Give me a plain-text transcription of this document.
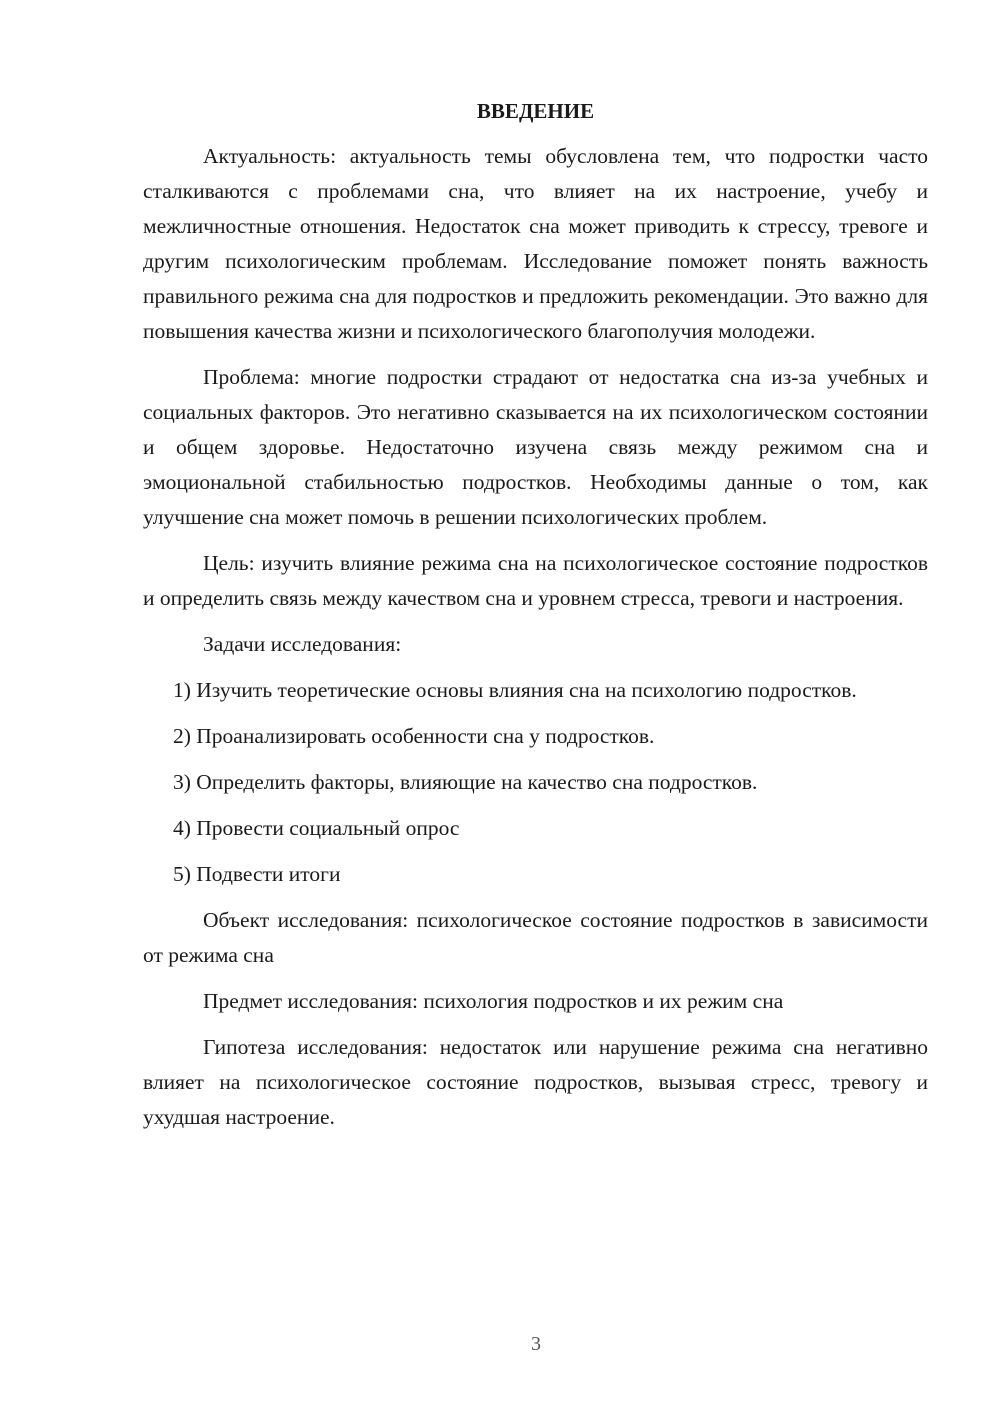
ВВЕДЕНИЕ

Актуальность: актуальность темы обусловлена тем, что подростки часто сталкиваются с проблемами сна, что влияет на их настроение, учебу и межличностные отношения. Недостаток сна может приводить к стрессу, тревоге и другим психологическим проблемам. Исследование поможет понять важность правильного режима сна для подростков и предложить рекомендации. Это важно для повышения качества жизни и психологического благополучия молодежи.

Проблема: многие подростки страдают от недостатка сна из-за учебных и социальных факторов. Это негативно сказывается на их психологическом состоянии и общем здоровье. Недостаточно изучена связь между режимом сна и эмоциональной стабильностью подростков. Необходимы данные о том, как улучшение сна может помочь в решении психологических проблем.

Цель: изучить влияние режима сна на психологическое состояние подростков и определить связь между качеством сна и уровнем стресса, тревоги и настроения.

Задачи исследования:

1) Изучить теоретические основы влияния сна на психологию подростков.

2) Проанализировать особенности сна у подростков.

3) Определить факторы, влияющие на качество сна подростков.

4) Провести социальный опрос

5) Подвести итоги

Объект исследования: психологическое состояние подростков в зависимости от режима сна

Предмет исследования: психология подростков и их режим сна

Гипотеза исследования: недостаток или нарушение режима сна негативно влияет на психологическое состояние подростков, вызывая стресс, тревогу и ухудшая настроение.

3
